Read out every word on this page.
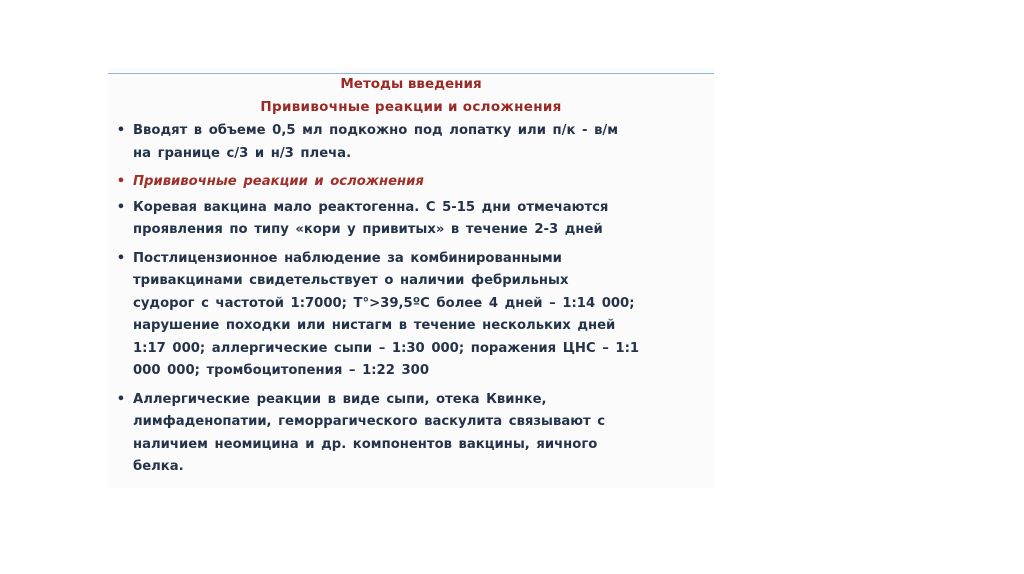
Методы введения
Прививочные реакции и осложнения
• Вводят в объеме 0,5 мл подкожно под лопатку или п/к - в/м
на границе с/3 и н/3 плеча.
• Прививочные реакции и осложнения
• Коревая вакцина мало реактогенна. С 5-15 дни отмечаются
проявления по типу «кори у привитых» в течение 2-3 дней
• Постлицензионное наблюдение за комбинированными
тривакцинами свидетельствует о наличии фебрильных
судорог с частотой 1:7000; Т°>39,5ºС более 4 дней – 1:14 000;
нарушение походки или нистагм в течение нескольких дней
1:17 000; аллергические сыпи – 1:30 000; поражения ЦНС – 1:1
000 000; тромбоцитопения – 1:22 300
• Аллергические реакции в виде сыпи, отека Квинке,
лимфаденопатии, геморрагического васкулита связывают с
наличием неомицина и др. компонентов вакцины, яичного
белка.
